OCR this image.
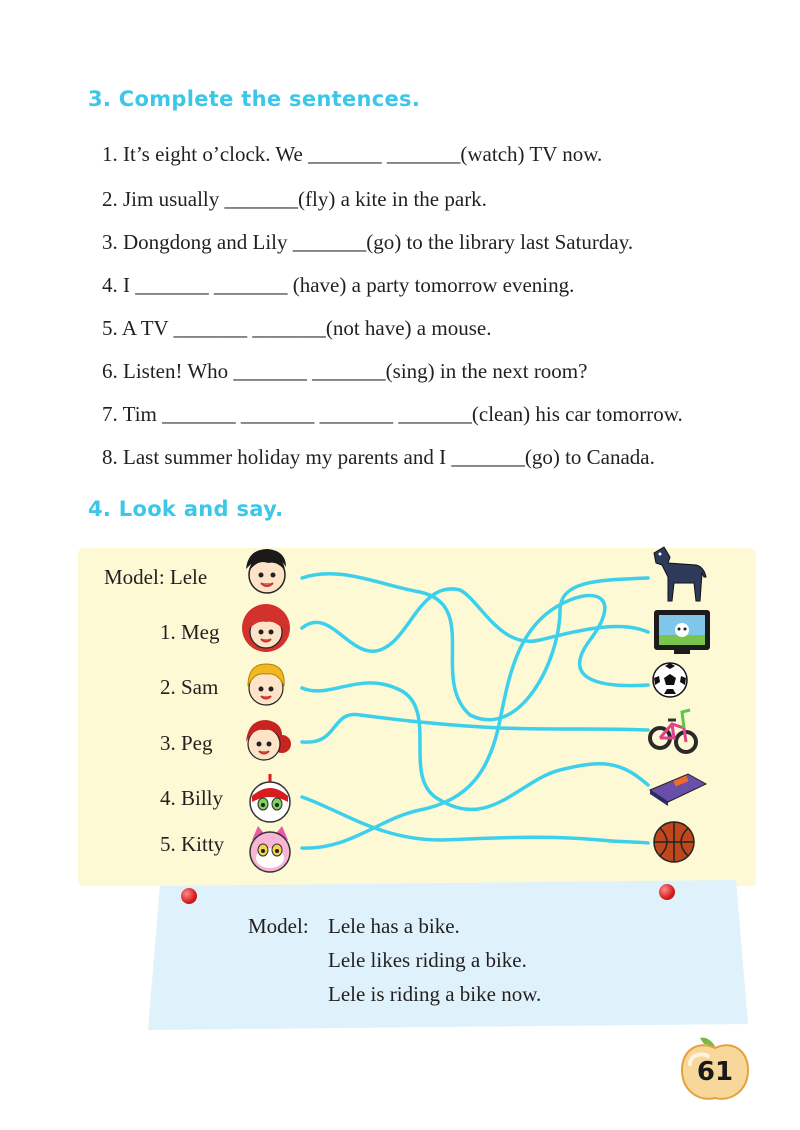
3. Complete the sentences.
1. It’s eight o’clock. We _______ _______(watch) TV now.
2. Jim usually _______(fly) a kite in the park.
3. Dongdong and Lily _______(go) to the library last Saturday.
4. I _______ _______ (have) a party tomorrow evening.
5. A TV _______ _______(not have) a mouse.
6. Listen! Who _______ _______(sing) in the next room?
7. Tim _______ _______ _______ _______(clean) his car tomorrow.
8. Last summer holiday my parents and I _______(go) to Canada.
4. Look and say.
Model: Lele
1. Meg
2. Sam
3. Peg
4. Billy
5. Kitty
Model: Lele has a bike.
Lele likes riding a bike.
Lele is riding a bike now.
61
